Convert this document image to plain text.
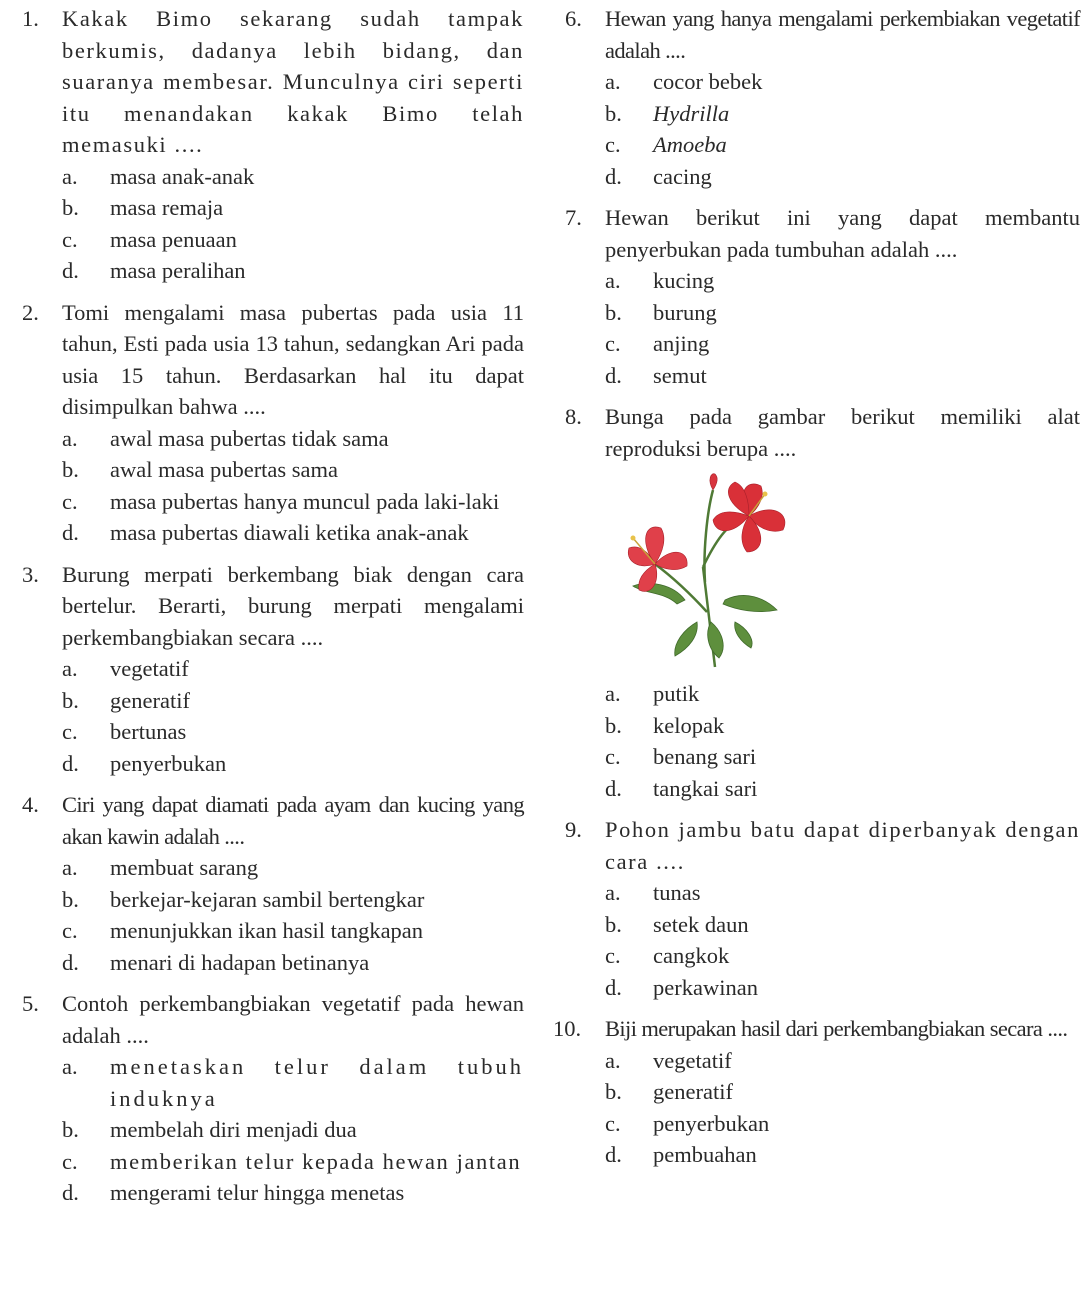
1.	Kakak Bimo sekarang sudah tampak berkumis, dadanya lebih bidang, dan suaranya membesar. Munculnya ciri seperti itu menandakan kakak Bimo telah memasuki ....
a.	masa anak-anak
b.	masa remaja
c.	masa penuaan
d.	masa peralihan
2.	Tomi mengalami masa pubertas pada usia 11 tahun, Esti pada usia 13 tahun, sedangkan Ari pada usia 15 tahun. Berdasarkan hal itu dapat disimpulkan bahwa ....
a.	awal masa pubertas tidak sama
b.	awal masa pubertas sama
c.	masa pubertas hanya muncul pada laki-laki
d.	masa pubertas diawali ketika anak-anak
3.	Burung merpati berkembang biak dengan cara bertelur. Berarti, burung merpati mengalami perkembangbiakan secara ....
a.	vegetatif
b.	generatif
c.	bertunas
d.	penyerbukan
4.	Ciri yang dapat diamati pada ayam dan kucing yang akan kawin adalah ....
a.	membuat sarang
b.	berkejar-kejaran sambil bertengkar
c.	menunjukkan ikan hasil tangkapan
d.	menari di hadapan betinanya
5.	Contoh perkembangbiakan vegetatif pada hewan adalah ....
a.	menetaskan telur dalam tubuh induknya
b.	membelah diri menjadi dua
c.	memberikan telur kepada hewan jantan
d.	mengerami telur hingga menetas
6.	Hewan yang hanya mengalami perkembiakan vegetatif adalah ....
a.	cocor bebek
b.	Hydrilla
c.	Amoeba
d.	cacing
7.	Hewan berikut ini yang dapat membantu penyerbukan pada tumbuhan adalah ....
a.	kucing
b.	burung
c.	anjing
d.	semut
8.	Bunga pada gambar berikut memiliki alat reproduksi berupa ....
a.	putik
b.	kelopak
c.	benang sari
d.	tangkai sari
9.	Pohon jambu batu dapat diperbanyak dengan cara ....
a.	tunas
b.	setek daun
c.	cangkok
d.	perkawinan
10.	Biji merupakan hasil dari perkembangbiakan secara ....
a.	vegetatif
b.	generatif
c.	penyerbukan
d.	pembuahan
